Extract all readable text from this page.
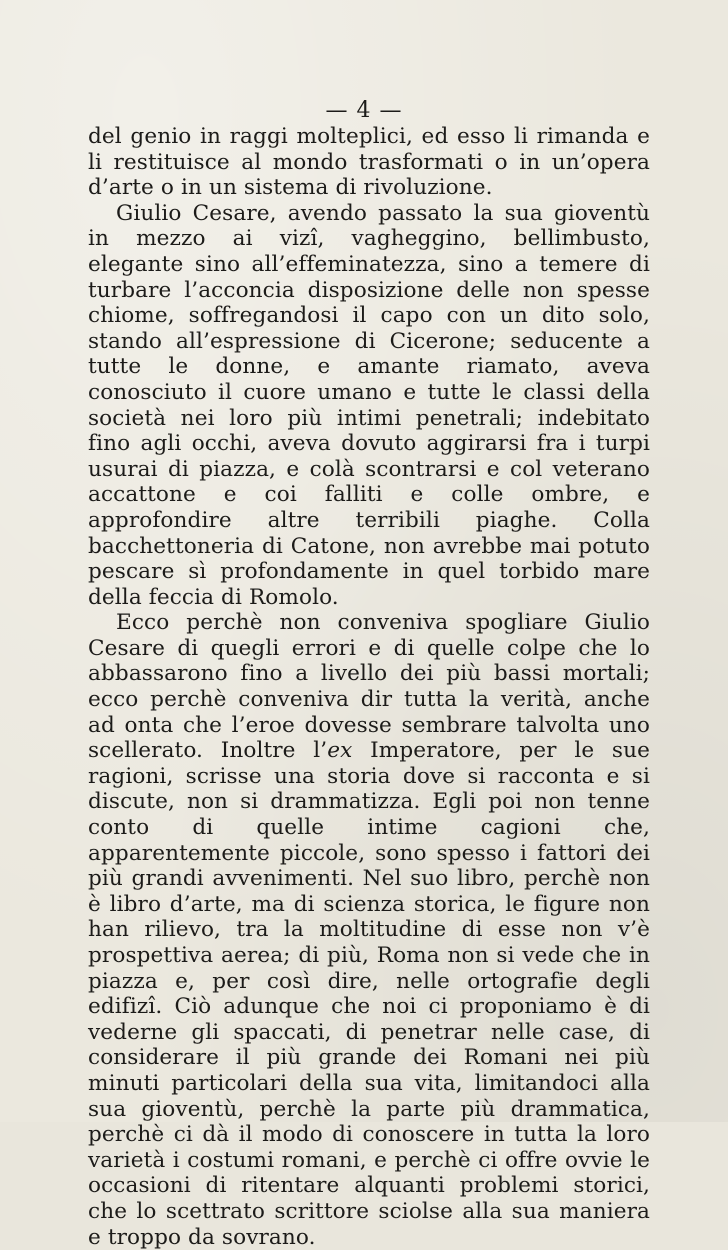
— 4 —

del genio in raggi molteplici, ed esso li rimanda e li restituisce al mondo trasformati o in un’opera d’arte o in un sistema di rivoluzione.

Giulio Cesare, avendo passato la sua gioventù in mezzo ai vizî, vagheggino, bellimbusto, elegante sino all’effeminatezza, sino a temere di turbare l’acconcia disposizione delle non spesse chiome, soffregandosi il capo con un dito solo, stando all’espressione di Cicerone; seducente a tutte le donne, e amante riamato, aveva conosciuto il cuore umano e tutte le classi della società nei loro più intimi penetrali; indebitato fino agli occhi, aveva dovuto aggirarsi fra i turpi usurai di piazza, e colà scontrarsi e col veterano accattone e coi falliti e colle ombre, e approfondire altre terribili piaghe. Colla bacchettoneria di Catone, non avrebbe mai potuto pescare sì profondamente in quel torbido mare della feccia di Romolo.

Ecco perchè non conveniva spogliare Giulio Cesare di quegli errori e di quelle colpe che lo abbassarono fino a livello dei più bassi mortali; ecco perchè conveniva dir tutta la verità, anche ad onta che l’eroe dovesse sembrare talvolta uno scellerato. Inoltre l’ex Imperatore, per le sue ragioni, scrisse una storia dove si racconta e si discute, non si drammatizza. Egli poi non tenne conto di quelle intime cagioni che, apparentemente piccole, sono spesso i fattori dei più grandi avvenimenti. Nel suo libro, perchè non è libro d’arte, ma di scienza storica, le figure non han rilievo, tra la moltitudine di esse non v’è prospettiva aerea; di più, Roma non si vede che in piazza e, per così dire, nelle ortografie degli edifizî. Ciò adunque che noi ci proponiamo è di vederne gli spaccati, di penetrar nelle case, di considerare il più grande dei Romani nei più minuti particolari della sua vita, limitandoci alla sua gioventù, perchè la parte più drammatica, perchè ci dà il modo di conoscere in tutta la loro varietà i costumi romani, e perchè ci offre ovvie le occasioni di ritentare alquanti problemi storici, che lo scettrato scrittore sciolse alla sua maniera e troppo da sovrano.
